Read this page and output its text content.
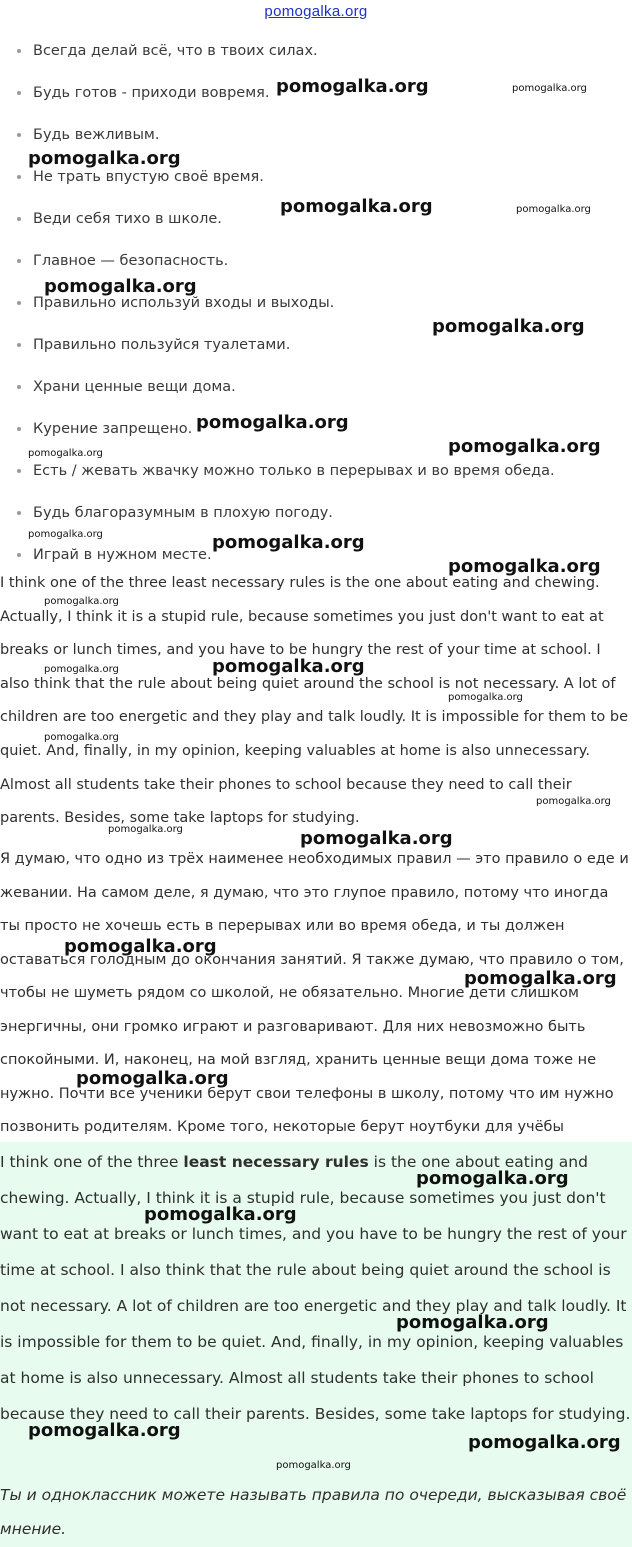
pomogalka.org
Всегда делай всё, что в твоих силах.
Будь готов - приходи вовремя.
Будь вежливым.
Не трать впустую своё время.
Веди себя тихо в школе.
Главное — безопасность.
Правильно используй входы и выходы.
Правильно пользуйся туалетами.
Храни ценные вещи дома.
Курение запрещено.
Есть / жевать жвачку можно только в перерывах и во время обеда.
Будь благоразумным в плохую погоду.
Играй в нужном месте.

I think one of the three least necessary rules is the one about eating and chewing. Actually, I think it is a stupid rule, because sometimes you just don't want to eat at breaks or lunch times, and you have to be hungry the rest of your time at school. I also think that the rule about being quiet around the school is not necessary. A lot of children are too energetic and they play and talk loudly. It is impossible for them to be quiet. And, finally, in my opinion, keeping valuables at home is also unnecessary. Almost all students take their phones to school because they need to call their parents. Besides, some take laptops for studying.

Я думаю, что одно из трёх наименее необходимых правил — это правило о еде и жевании. На самом деле, я думаю, что это глупое правило, потому что иногда ты просто не хочешь есть в перерывах или во время обеда, и ты должен оставаться голодным до окончания занятий. Я также думаю, что правило о том, чтобы не шуметь рядом со школой, не обязательно. Многие дети слишком энергичны, они громко играют и разговаривают. Для них невозможно быть спокойными. И, наконец, на мой взгляд, хранить ценные вещи дома тоже не нужно. Почти все ученики берут свои телефоны в школу, потому что им нужно позвонить родителям. Кроме того, некоторые берут ноутбуки для учёбы

I think one of the three least necessary rules is the one about eating and chewing. Actually, I think it is a stupid rule, because sometimes you just don't want to eat at breaks or lunch times, and you have to be hungry the rest of your time at school. I also think that the rule about being quiet around the school is not necessary. A lot of children are too energetic and they play and talk loudly. It is impossible for them to be quiet. And, finally, in my opinion, keeping valuables at home is also unnecessary. Almost all students take their phones to school because they need to call their parents. Besides, some take laptops for studying.

Ты и одноклассник можете называть правила по очереди, высказывая своё мнение.

pomogalka.org	pomogalka.org
pomogalka.org
pomogalka.org	pomogalka.org
pomogalka.org
pomogalka.org
pomogalka.org
pomogalka.org
pomogalka.org
pomogalka.org	pomogalka.org
pomogalka.org
pomogalka.org
pomogalka.org
pomogalka.org
pomogalka.org
pomogalka.org
pomogalka.org
pomogalka.org	pomogalka.org
pomogalka.org
pomogalka.org
pomogalka.org
pomogalka.org
pomogalka.org
pomogalka.org
pomogalka.org
pomogalka.org
pomogalka.org
